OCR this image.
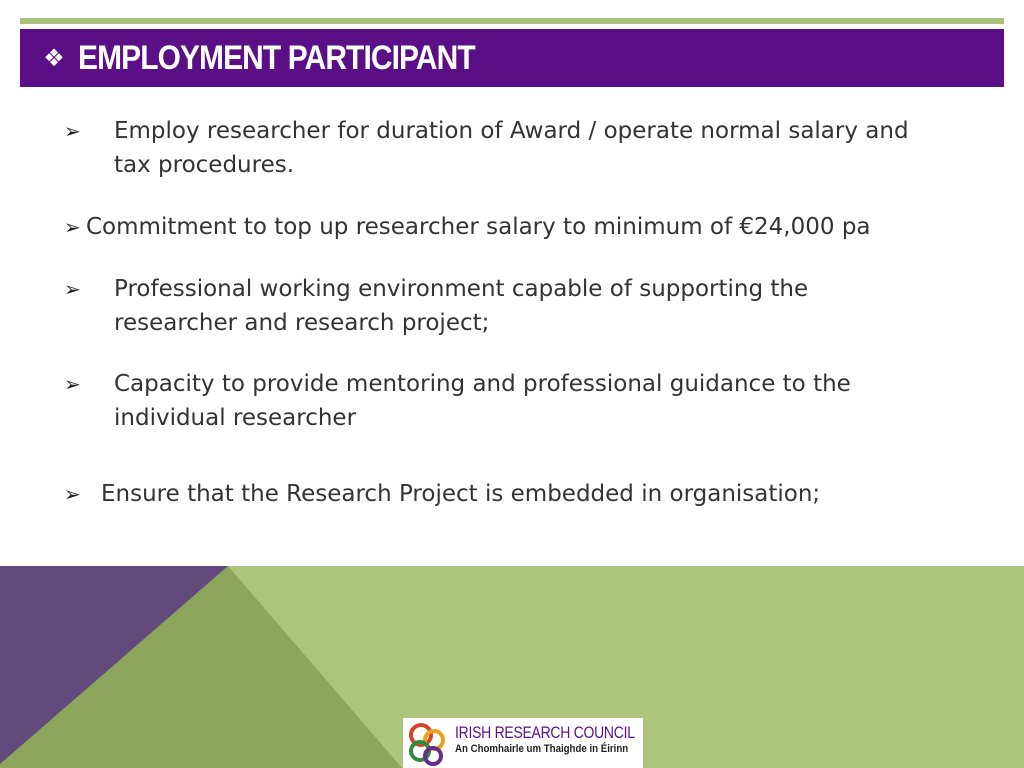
❖ EMPLOYMENT PARTICIPANT
➢ Employ researcher for duration of Award / operate normal salary and tax procedures.
➢ Commitment to top up researcher salary to minimum of €24,000 pa
➢ Professional working environment capable of supporting the researcher and research project;
➢ Capacity to provide mentoring and professional guidance to the individual researcher
➢ Ensure that the Research Project is embedded in organisation;
IRISH RESEARCH COUNCIL
An Chomhairle um Thaighde in Éirinn
